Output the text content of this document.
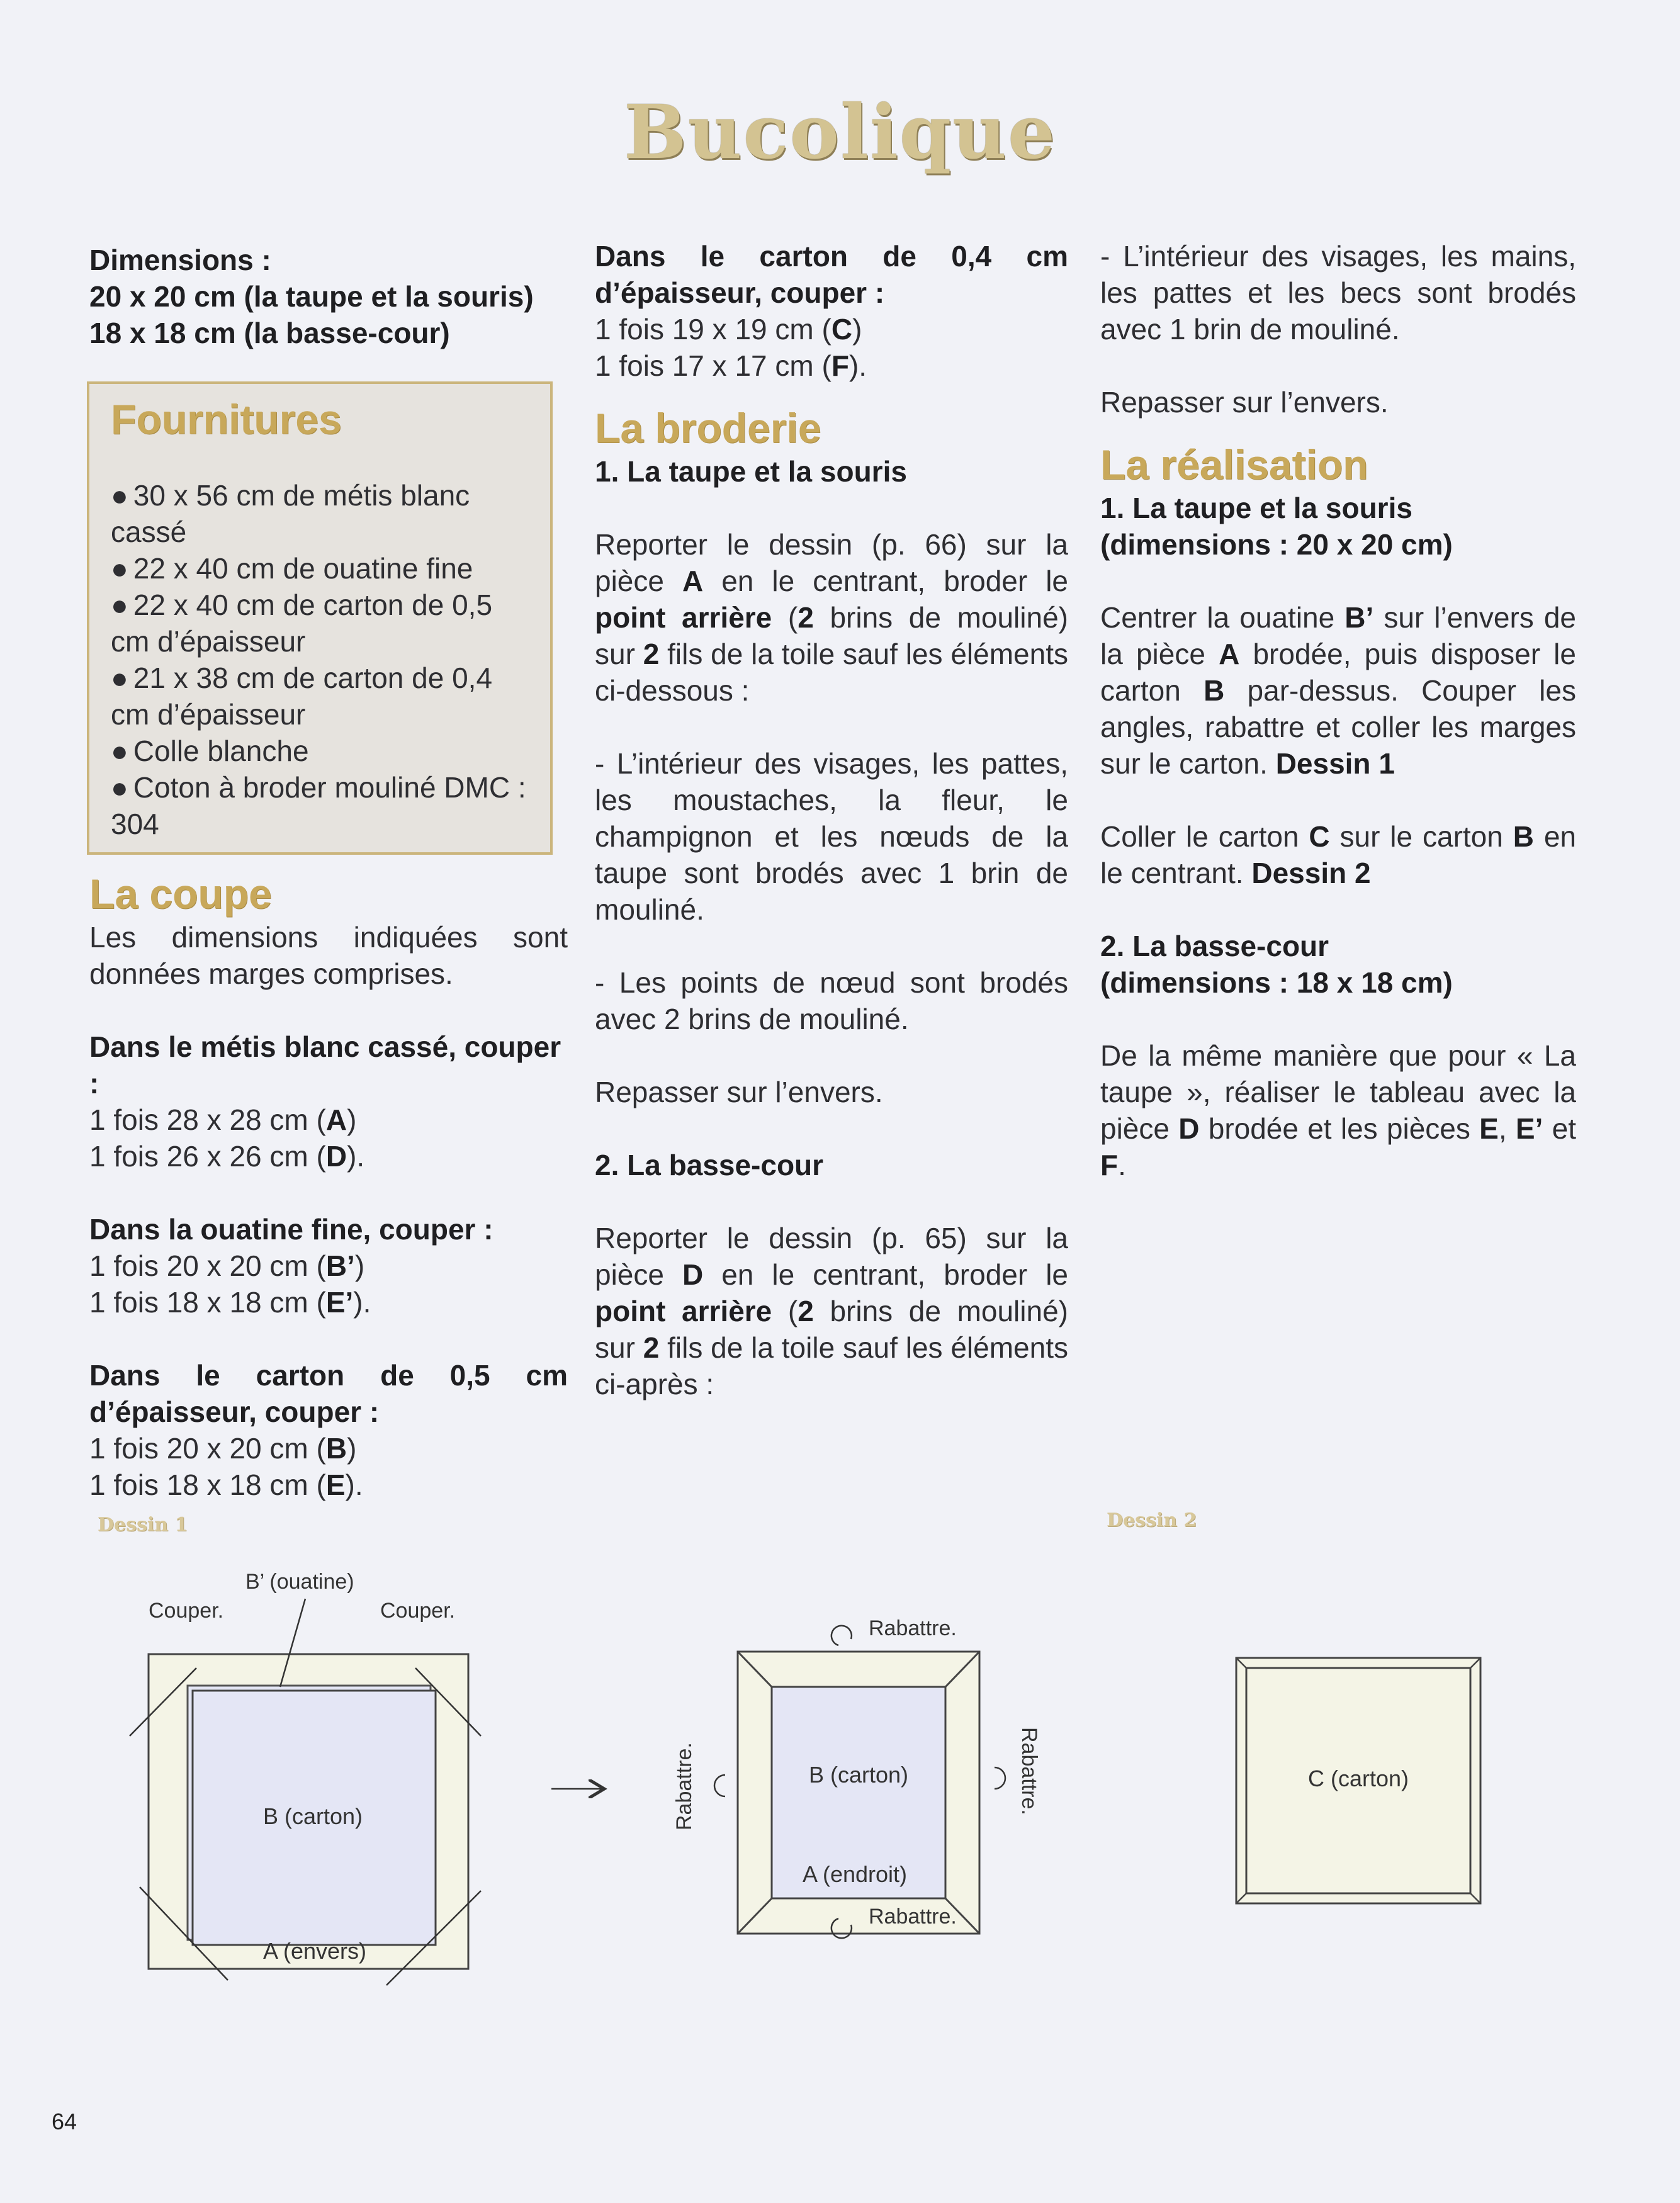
Bucolique

Dimensions :

20 x 20 cm (la taupe et la souris)

18 x 18 cm (la basse-cour)

Fournitures

● 30 x 56 cm de métis blanc cassé

● 22 x 40 cm de ouatine fine

● 22 x 40 cm de carton de 0,5 cm d’épaisseur

● 21 x 38 cm de carton de 0,4 cm d’épaisseur

● Colle blanche

● Coton à broder mouliné DMC : 304

La coupe

Les dimensions indiquées sont données marges comprises.

Dans le métis blanc cassé, couper :

1 fois 28 x 28 cm (A)

1 fois 26 x 26 cm (D).

Dans la ouatine fine, couper :

1 fois 20 x 20 cm (B’)

1 fois 18 x 18 cm (E’).

Dans le carton de 0,5 cm d’épaisseur, couper :

1 fois 20 x 20 cm (B)

1 fois 18 x 18 cm (E).

Dans le carton de 0,4 cm d’épaisseur, couper :

1 fois 19 x 19 cm (C)

1 fois 17 x 17 cm (F).

La broderie

1. La taupe et la souris

Reporter le dessin (p. 66) sur la pièce A en le centrant, broder le point arrière (2 brins de mouliné) sur 2 fils de la toile sauf les éléments ci-dessous :

- L’intérieur des visages, les pattes, les moustaches, la fleur, le champignon et les nœuds de la taupe sont brodés avec 1 brin de mouliné.

- Les points de nœud sont brodés avec 2 brins de mouliné.

Repasser sur l’envers.

2. La basse-cour

Reporter le dessin (p. 65) sur la pièce D en le centrant, broder le point arrière (2 brins de mouliné) sur 2 fils de la toile sauf les éléments ci-après :

- L’intérieur des visages, les mains, les pattes et les becs sont brodés avec 1 brin de mouliné.

Repasser sur l’envers.

La réalisation

1. La taupe et la souris

(dimensions : 20 x 20 cm)

Centrer la ouatine B’ sur l’envers de la pièce A brodée, puis disposer le carton B par-dessus. Couper les angles, rabattre et coller les marges sur le carton. Dessin 1

Coller le carton C sur le carton B en le centrant. Dessin 2

2. La basse-cour

(dimensions : 18 x 18 cm)

De la même manière que pour « La taupe », réaliser le tableau avec la pièce D brodée et les pièces E, E’ et F.

Dessin 1	Dessin 2
B’ (ouatine)
Couper.	Couper.
B (carton)
A (envers)
B (carton)
A (endroit)
Rabattre.
Rabattre.
Rabattre.	Rabattre.	C (carton)
64
